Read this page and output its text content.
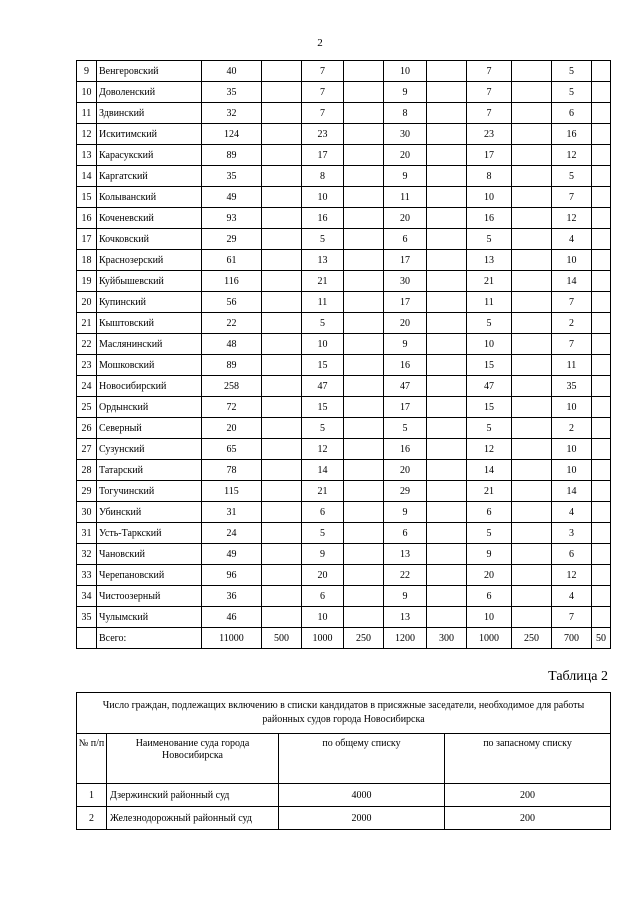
2
9	Венгеровский	40		7		10		7		5	
10	Доволенский	35		7		9		7		5	
11	Здвинский	32		7		8		7		6	
12	Искитимский	124		23		30		23		16	
13	Карасукский	89		17		20		17		12	
14	Каргатский	35		8		9		8		5	
15	Колыванский	49		10		11		10		7	
16	Коченевский	93		16		20		16		12	
17	Кочковский	29		5		6		5		4	
18	Краснозерский	61		13		17		13		10	
19	Куйбышевский	116		21		30		21		14	
20	Купинский	56		11		17		11		7	
21	Кыштовский	22		5		20		5		2	
22	Маслянинский	48		10		9		10		7	
23	Мошковский	89		15		16		15		11	
24	Новосибирский	258		47		47		47		35	
25	Ордынский	72		15		17		15		10	
26	Северный	20		5		5		5		2	
27	Сузунский	65		12		16		12		10	
28	Татарский	78		14		20		14		10	
29	Тогучинский	115		21		29		21		14	
30	Убинский	31		6		9		6		4	
31	Усть-Таркский	24		5		6		5		3	
32	Чановский	49		9		13		9		6	
33	Черепановский	96		20		22		20		12	
34	Чистоозерный	36		6		9		6		4	
35	Чулымский	46		10		13		10		7	
	Всего:	11000	500	1000	250	1200	300	1000	250	700	50
Таблица 2
Число граждан, подлежащих включению в списки кандидатов в присяжные заседатели, необходимое для работы районных судов города Новосибирска			
№ п/п	Наименование суда города Новосибирска	по общему списку	по запасному списку
1	Дзержинский районный суд	4000	200
2	Железнодорожный районный суд	2000	200
